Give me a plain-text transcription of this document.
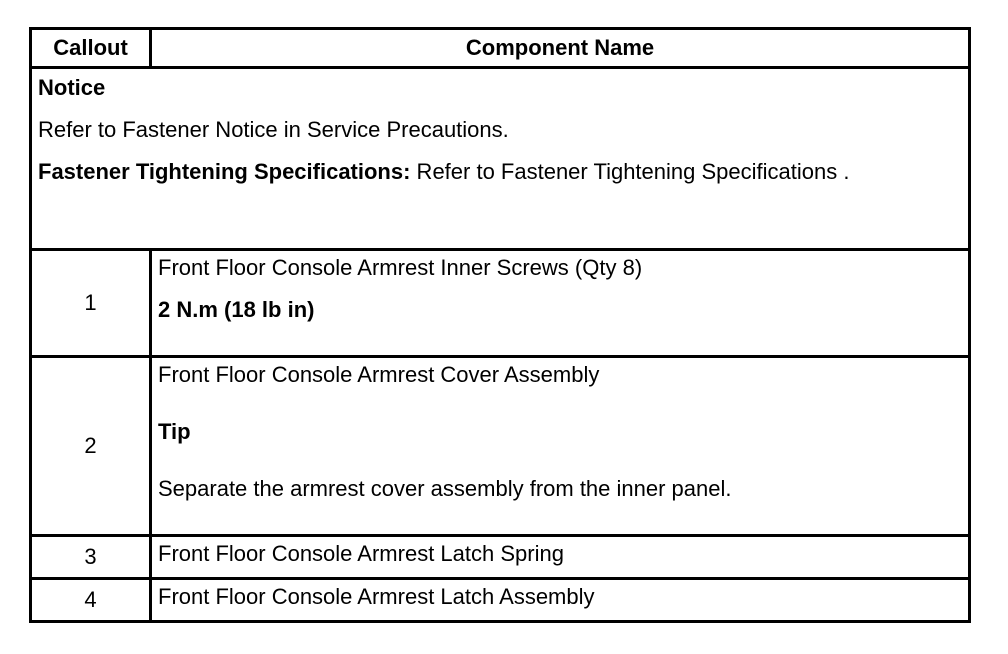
Callout	Component Name

Notice
Refer to Fastener Notice in Service Precautions.
Fastener Tightening Specifications: Refer to Fastener Tightening Specifications .	

1	Front Floor Console Armrest Inner Screws (Qty 8)
2 N.m (18 lb in)

2	Front Floor Console Armrest Cover Assembly
Tip
Separate the armrest cover assembly from the inner panel.

3	Front Floor Console Armrest Latch Spring

4	Front Floor Console Armrest Latch Assembly
